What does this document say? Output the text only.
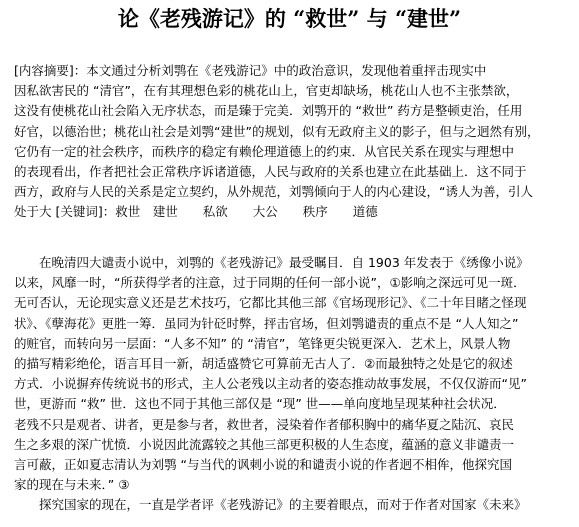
论《老残游记》的 “救世” 与 “建世”
[内容摘要]：本文通过分析刘鹗在《老残游记》中的政治意识，发现他着重抨击现实中
因私欲害民的 “清官”，在有其理想色彩的桃花山上，官吏却缺场，桃花山人也不主张禁欲，
这没有使桃花山社会陷入无序状态，而是臻于完美．刘鹗开的 “救世” 药方是整顿吏治，任用
好官，以德治世；桃花山社会是刘鹗“建世”的规划，似有无政府主义的影子，但与之迥然有别，
它仍有一定的社会秩序，而秩序的稳定有赖伦理道德上的约束．从官民关系在现实与理想中
的表现看出，作者把社会正常秩序诉诸道德，人民与政府的关系也建立在此基础上．这不同于
西方，政府与人民的关系是定立契约，从外规范，刘鹗倾向于人的内心建设，“诱人为善，引人
处于大 [关键词]：救世　建世　　私欲　　大公　　秩序　　道德
在晚清四大谴责小说中，刘鹗的《老残游记》最受瞩目．自 1903 年发表于《绣像小说》
以来，风靡一时，“所获得学者的注意，过于同期的任何一部小说”，①影响之深远可见一斑．
无可否认，无论现实意义还是艺术技巧，它都比其他三部《官场现形记》、《二十年目睹之怪现
状》、《孽海花》更胜一筹．虽同为针砭时弊，抨击官场，但刘鹗谴责的重点不是 “人人知之”
的赃官，而转向另一层面：“人多不知” 的 “清官”，笔锋更尖锐更深入．艺术上，风景人物
的描写精彩绝伦，语言耳目一新，胡适盛赞它可算前无古人了．②而最独特之处是它的叙述
方式．小说摒弃传统说书的形式，主人公老残以主动者的姿态推动故事发展，不仅仅游而“见”
世，更游而 “救” 世．这也不同于其他三部仅是 “现” 世——单向度地呈现某种社会状况．
老残不只是观者、讲者，更是参与者，救世者，浸染着作者郁积胸中的痛华夏之陆沉、哀民
生之多艰的深广忧愤．小说因此流露较之其他三部更积极的人生态度，蕴涵的意义非谴责一
言可蔽，正如夏志清认为刘鹗 “与当代的讽刺小说的和谴责小说的作者迥不相侔，他探究国
家的现在与未来．” ③
探究国家的现在，一直是学者评《老残游记》的主要着眼点，而对于作者对国家《未来》
